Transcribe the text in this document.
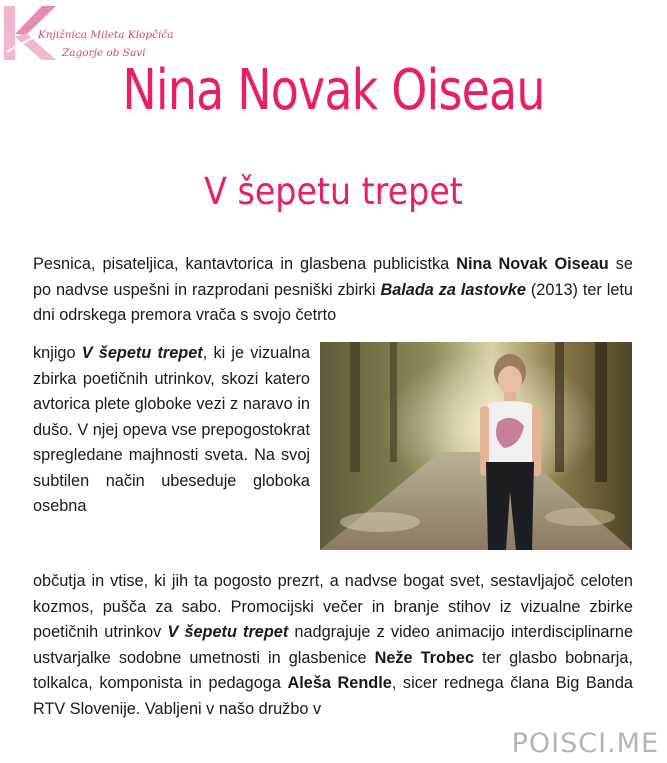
Knjižnica Mileta Klopčiča
Zagorje ob Savi
Nina Novak Oiseau
V šepetu trepet
Pesnica, pisateljica, kantavtorica in glasbena publicistka Nina Novak Oiseau se po nadvse uspešni in razprodani pesniški zbirki Balada za lastovke (2013) ter letu dni odrskega premora vrača s svojo četrto
knjigo V šepetu trepet, ki je vizualna zbirka poetičnih utrinkov, skozi katero avtorica plete globoke vezi z naravo in dušo. V njej opeva vse prepogostokrat spregledane majhnosti sveta. Na svoj subtilen način ubeseduje globoka osebna
občutja in vtise, ki jih ta pogosto prezrt, a nadvse bogat svet, sestavljajoč celoten kozmos, pušča za sabo. Promocijski večer in branje stihov iz vizualne zbirke poetičnih utrinkov V šepetu trepet nadgrajuje z video animacijo interdisciplinarne ustvarjalke sodobne umetnosti in glasbenice Neže Trobec ter glasbo bobnarja, tolkalca, komponista in pedagoga Aleša Rendle, sicer rednega člana Big Banda RTV Slovenije. Vabljeni v našo družbo v
POISCI.ME
